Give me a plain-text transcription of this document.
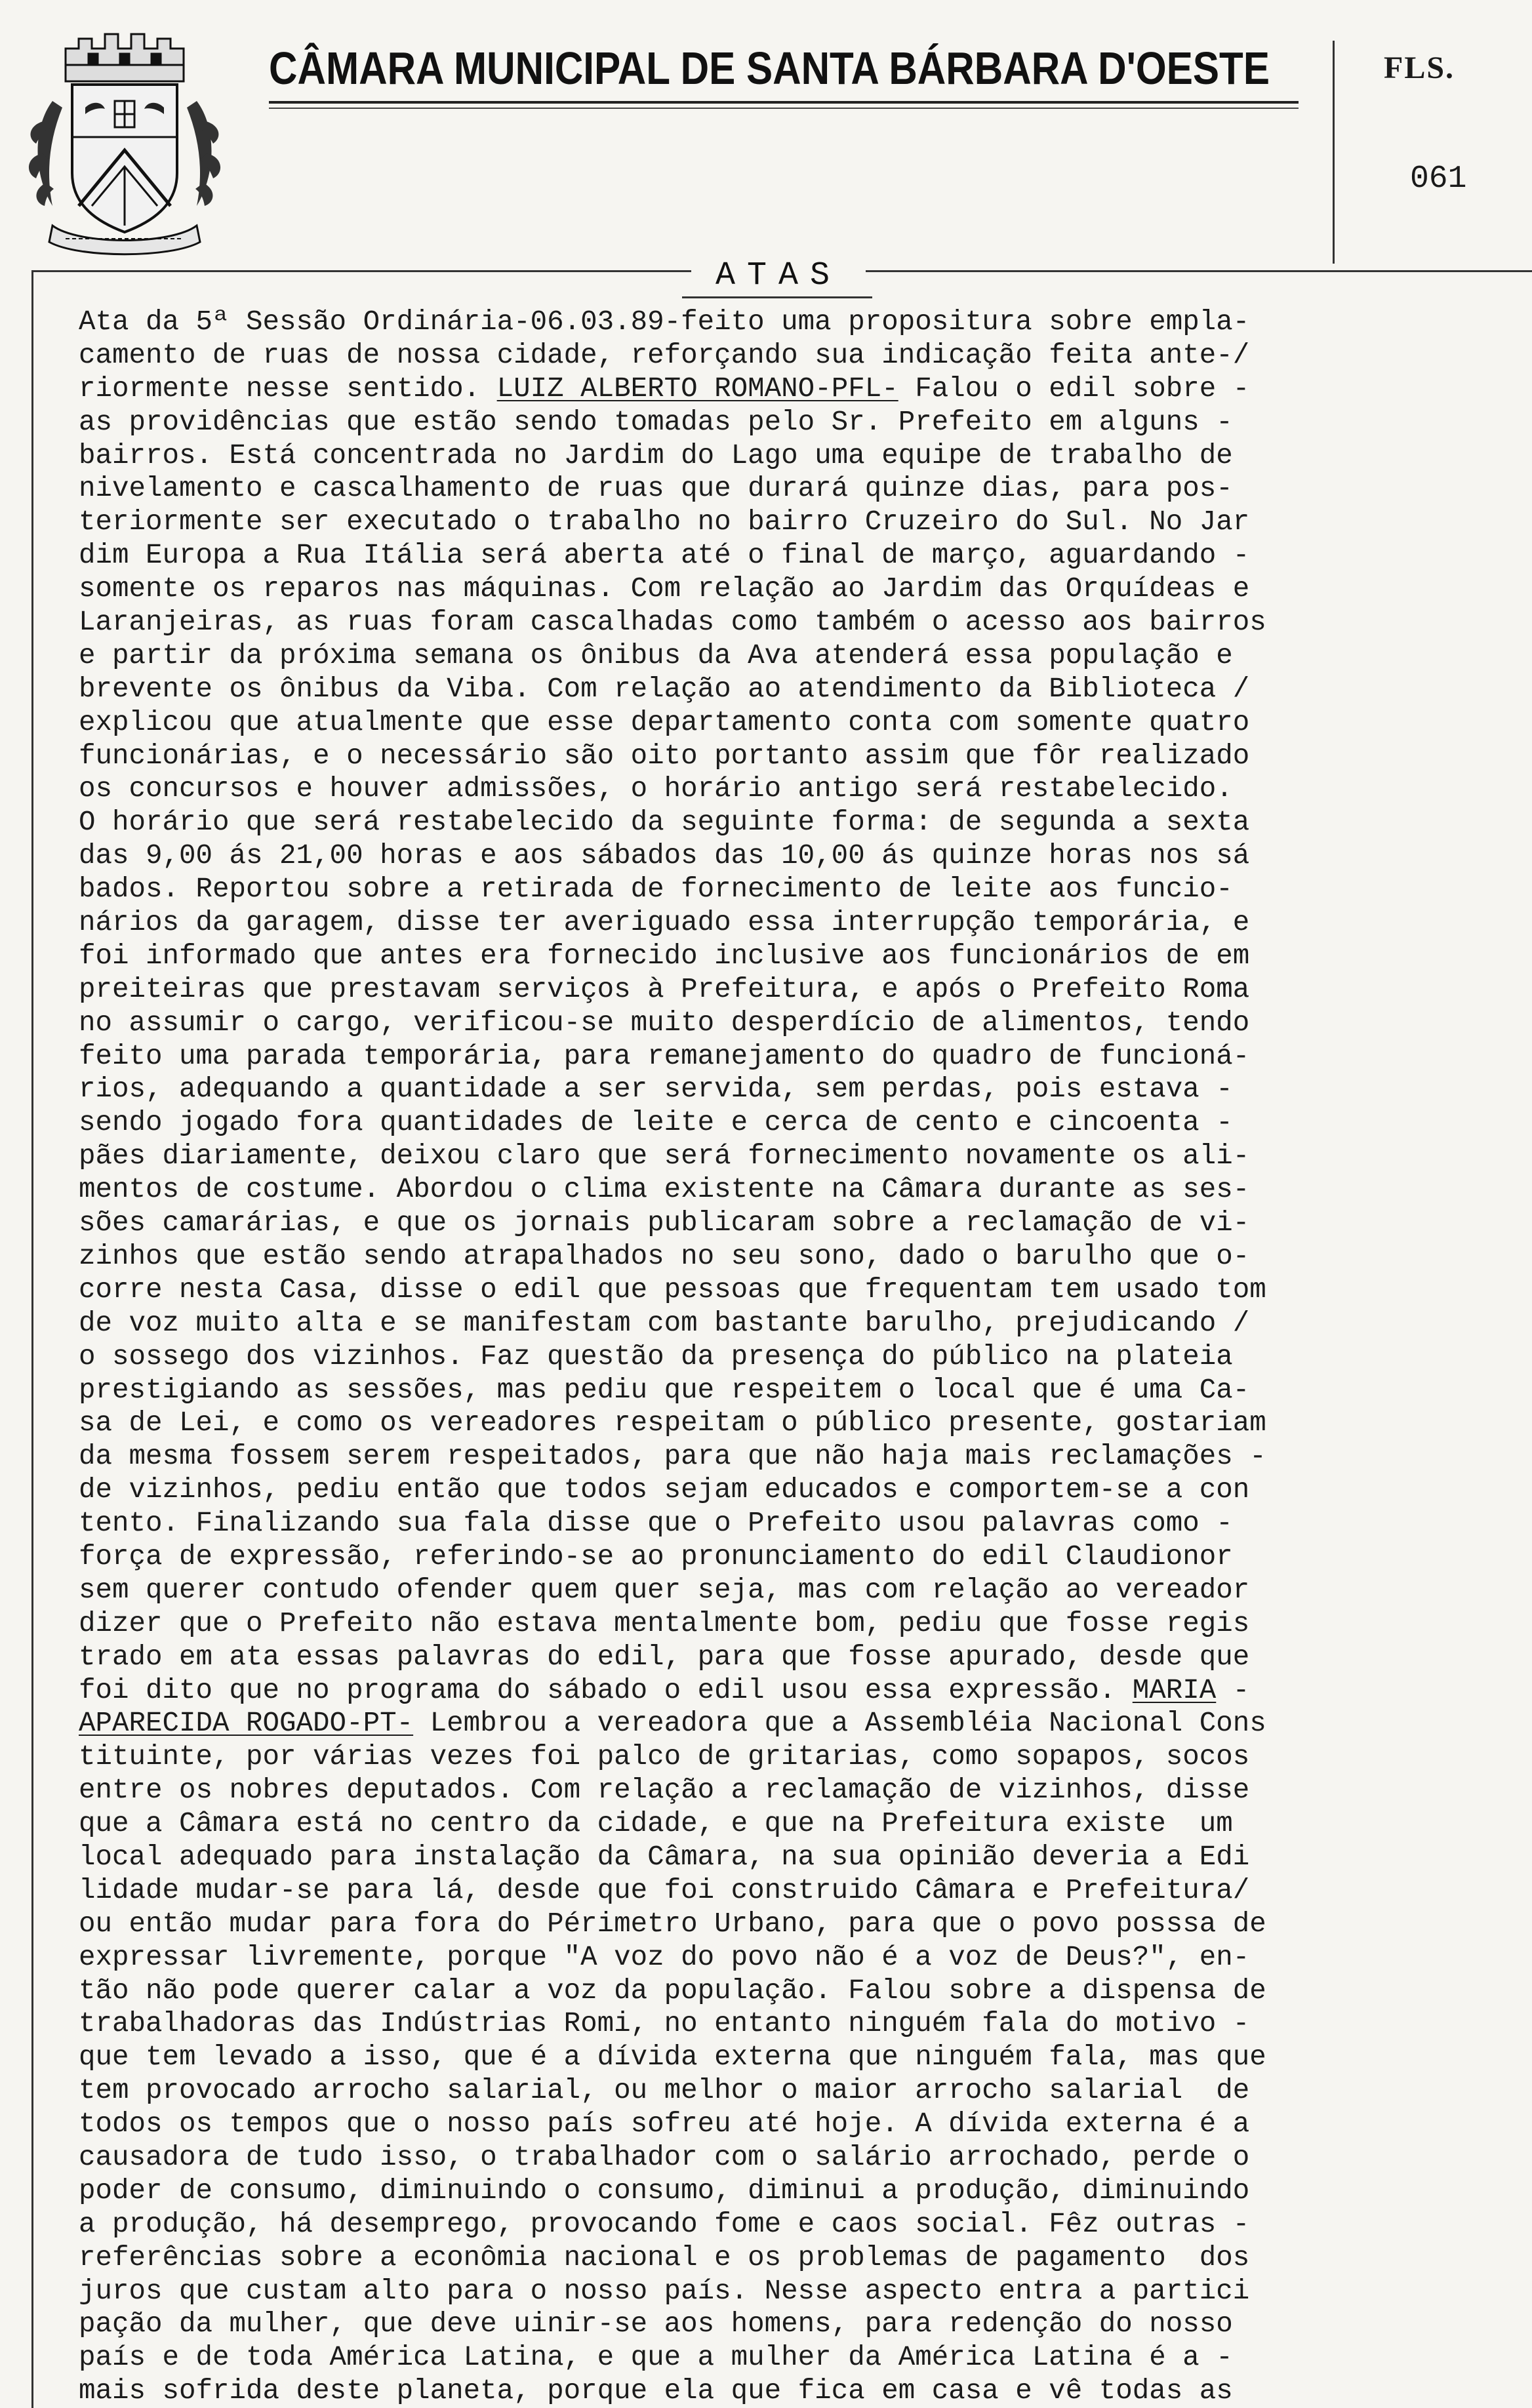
CÂMARA MUNICIPAL DE SANTA BÁRBARA D'OESTE	FLS.
061
ATAS
Ata da 5ª Sessão Ordinária-06.03.89-feito uma propositura sobre empla-
camento de ruas de nossa cidade, reforçando sua indicação feita ante-/
riormente nesse sentido. LUIZ ALBERTO ROMANO-PFL- Falou o edil sobre -
as providências que estão sendo tomadas pelo Sr. Prefeito em alguns -
bairros. Está concentrada no Jardim do Lago uma equipe de trabalho de
nivelamento e cascalhamento de ruas que durará quinze dias, para pos-
teriormente ser executado o trabalho no bairro Cruzeiro do Sul. No Jar
dim Europa a Rua Itália será aberta até o final de março, aguardando -
somente os reparos nas máquinas. Com relação ao Jardim das Orquídeas e
Laranjeiras, as ruas foram cascalhadas como também o acesso aos bairros
e partir da próxima semana os ônibus da Ava atenderá essa população e
brevente os ônibus da Viba. Com relação ao atendimento da Biblioteca /
explicou que atualmente que esse departamento conta com somente quatro
funcionárias, e o necessário são oito portanto assim que fôr realizado
os concursos e houver admissões, o horário antigo será restabelecido.
O horário que será restabelecido da seguinte forma: de segunda a sexta
das 9,00 ás 21,00 horas e aos sábados das 10,00 ás quinze horas nos sá
bados. Reportou sobre a retirada de fornecimento de leite aos funcio-
nários da garagem, disse ter averiguado essa interrupção temporária, e
foi informado que antes era fornecido inclusive aos funcionários de em
preiteiras que prestavam serviços à Prefeitura, e após o Prefeito Roma
no assumir o cargo, verificou-se muito desperdício de alimentos, tendo
feito uma parada temporária, para remanejamento do quadro de funcioná-
rios, adequando a quantidade a ser servida, sem perdas, pois estava -
sendo jogado fora quantidades de leite e cerca de cento e cincoenta -
pães diariamente, deixou claro que será fornecimento novamente os ali-
mentos de costume. Abordou o clima existente na Câmara durante as ses-
sões camarárias, e que os jornais publicaram sobre a reclamação de vi-
zinhos que estão sendo atrapalhados no seu sono, dado o barulho que o-
corre nesta Casa, disse o edil que pessoas que frequentam tem usado tom
de voz muito alta e se manifestam com bastante barulho, prejudicando /
o sossego dos vizinhos. Faz questão da presença do público na plateia
prestigiando as sessões, mas pediu que respeitem o local que é uma Ca-
sa de Lei, e como os vereadores respeitam o público presente, gostariam
da mesma fossem serem respeitados, para que não haja mais reclamações -
de vizinhos, pediu então que todos sejam educados e comportem-se a con
tento. Finalizando sua fala disse que o Prefeito usou palavras como -
força de expressão, referindo-se ao pronunciamento do edil Claudionor
sem querer contudo ofender quem quer seja, mas com relação ao vereador
dizer que o Prefeito não estava mentalmente bom, pediu que fosse regis
trado em ata essas palavras do edil, para que fosse apurado, desde que
foi dito que no programa do sábado o edil usou essa expressão. MARIA -
APARECIDA ROGADO-PT- Lembrou a vereadora que a Assembléia Nacional Cons
tituinte, por várias vezes foi palco de gritarias, como sopapos, socos
entre os nobres deputados. Com relação a reclamação de vizinhos, disse
que a Câmara está no centro da cidade, e que na Prefeitura existe  um
local adequado para instalação da Câmara, na sua opinião deveria a Edi
lidade mudar-se para lá, desde que foi construido Câmara e Prefeitura/
ou então mudar para fora do Périmetro Urbano, para que o povo posssa de
expressar livremente, porque "A voz do povo não é a voz de Deus?", en-
tão não pode querer calar a voz da população. Falou sobre a dispensa de
trabalhadoras das Indústrias Romi, no entanto ninguém fala do motivo -
que tem levado a isso, que é a dívida externa que ninguém fala, mas que
tem provocado arrocho salarial, ou melhor o maior arrocho salarial  de
todos os tempos que o nosso país sofreu até hoje. A dívida externa é a
causadora de tudo isso, o trabalhador com o salário arrochado, perde o
poder de consumo, diminuindo o consumo, diminui a produção, diminuindo
a produção, há desemprego, provocando fome e caos social. Fêz outras -
referências sobre a econômia nacional e os problemas de pagamento  dos
juros que custam alto para o nosso país. Nesse aspecto entra a partici
pação da mulher, que deve uinir-se aos homens, para redenção do nosso
país e de toda América Latina, e que a mulher da América Latina é a -
mais sofrida deste planeta, porque ela que fica em casa e vê todas as
